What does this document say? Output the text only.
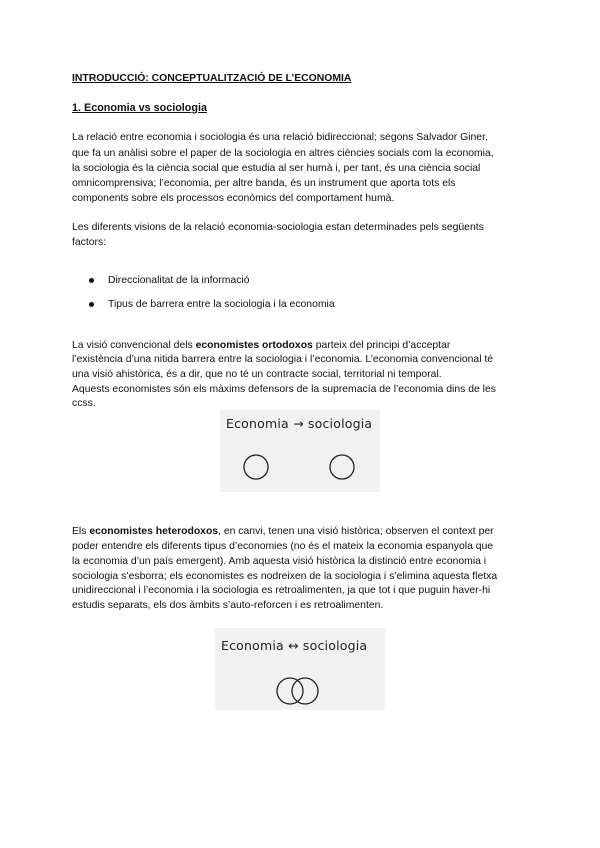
INTRODUCCIÓ: CONCEPTUALITZACIÓ DE L’ECONOMIA
1. Economia vs sociologia
La relació entre economia i sociologia és una relació bidireccional; segons Salvador Giner,
que fa un anàlisi sobre el paper de la sociologia en altres ciències socials com la economia,
la sociologia és la ciència social que estudia al ser humà i, per tant, és una ciència social
omnicomprensiva; l’economia, per altre banda, és un instrument que aporta tots els
components sobre els processos econòmics del comportament humà.
Les diferents visions de la relació economia-sociologia estan determinades pels següents
factors:
Direccionalitat de la informació
Tipus de barrera entre la sociologia i la economia
La visió convencional dels economistes ortodoxos parteix del principi d’acceptar
l’existència d’una nitida barrera entre la sociologia i l’economia. L’economia convencional té
una visió ahistòrica, és a dir, que no té un contracte social, territorial ni temporal.
Aquests economistes són els màxims defensors de la supremacía de l’economia dins de les
ccss.
Economia → sociologia
Els economistes heterodoxos, en canvi, tenen una visió històrica; observen el context per
poder entendre els diferents tipus d’economies (no és el mateix la economia espanyola que
la economia d’un país emergent). Amb aquesta visió històrica la distinció entre economia i
sociologia s’esborra; els economistes es nodreixen de la sociologia i s’elimina aquesta fletxa
unidireccional i l’economia i la sociologia es retroalimenten, ja que tot i que puguin haver-hi
estudis separats, els dos àmbits s’auto-reforcen i es retroalimenten.
Economia ↔ sociologia
